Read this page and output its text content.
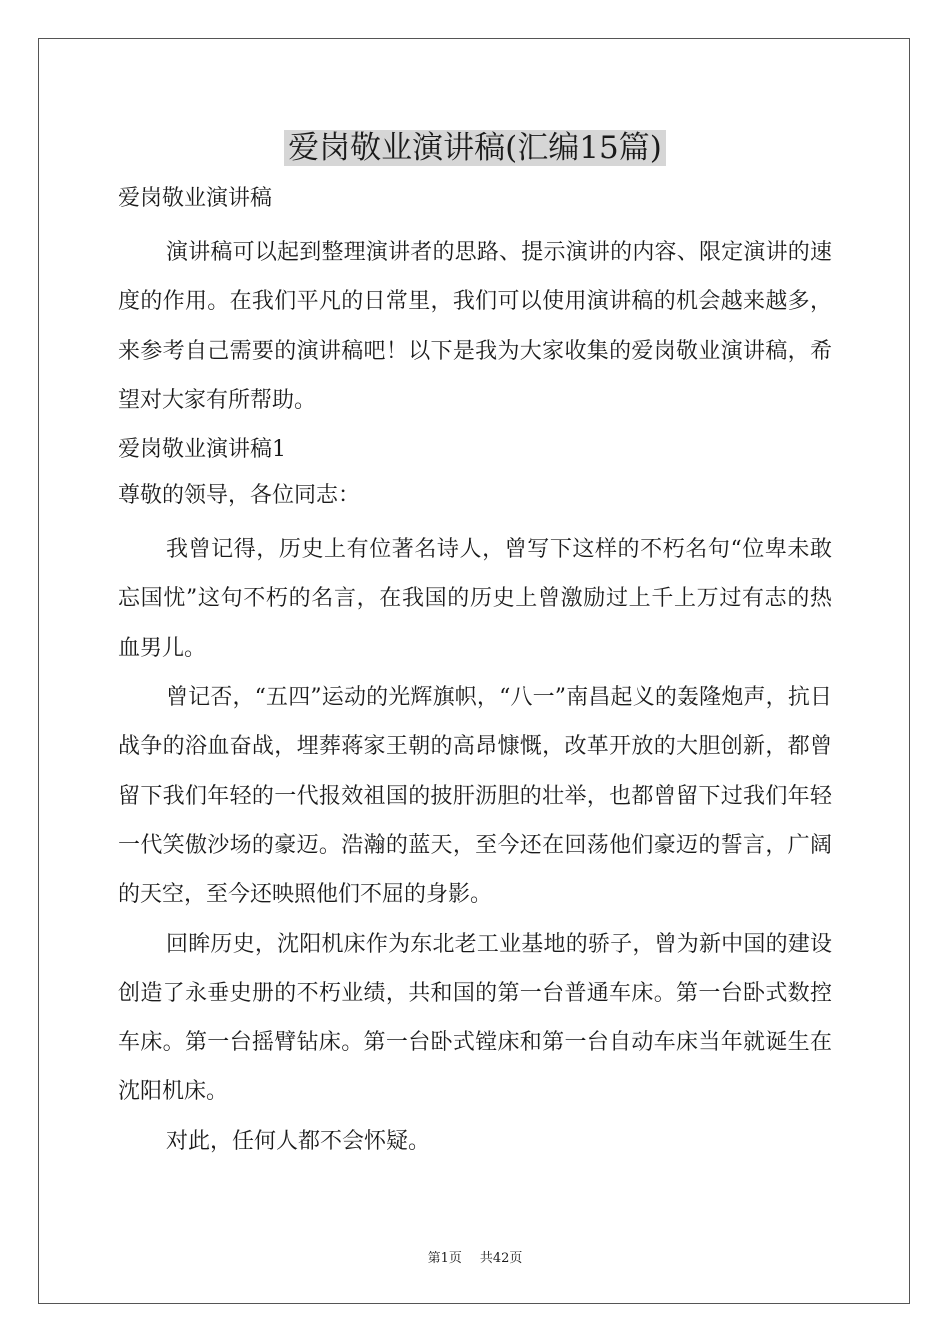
爱岗敬业演讲稿(汇编15篇)

爱岗敬业演讲稿

演讲稿可以起到整理演讲者的思路、提示演讲的内容、限定演讲的速度的作用。在我们平凡的日常里，我们可以使用演讲稿的机会越来越多，来参考自己需要的演讲稿吧！以下是我为大家收集的爱岗敬业演讲稿，希望对大家有所帮助。

爱岗敬业演讲稿1

尊敬的领导，各位同志：

我曾记得，历史上有位著名诗人，曾写下这样的不朽名句“位卑未敢忘国忧”这句不朽的名言，在我国的历史上曾激励过上千上万过有志的热血男儿。

曾记否，“五四”运动的光辉旗帜，“八一”南昌起义的轰隆炮声，抗日战争的浴血奋战，埋葬蒋家王朝的高昂慷慨，改革开放的大胆创新，都曾留下我们年轻的一代报效祖国的披肝沥胆的壮举，也都曾留下过我们年轻一代笑傲沙场的豪迈。浩瀚的蓝天，至今还在回荡他们豪迈的誓言，广阔的天空，至今还映照他们不屈的身影。

回眸历史，沈阳机床作为东北老工业基地的骄子，曾为新中国的建设创造了永垂史册的不朽业绩，共和国的第一台普通车床。第一台卧式数控车床。第一台摇臂钻床。第一台卧式镗床和第一台自动车床当年就诞生在沈阳机床。

对此，任何人都不会怀疑。

第1页 共42页
